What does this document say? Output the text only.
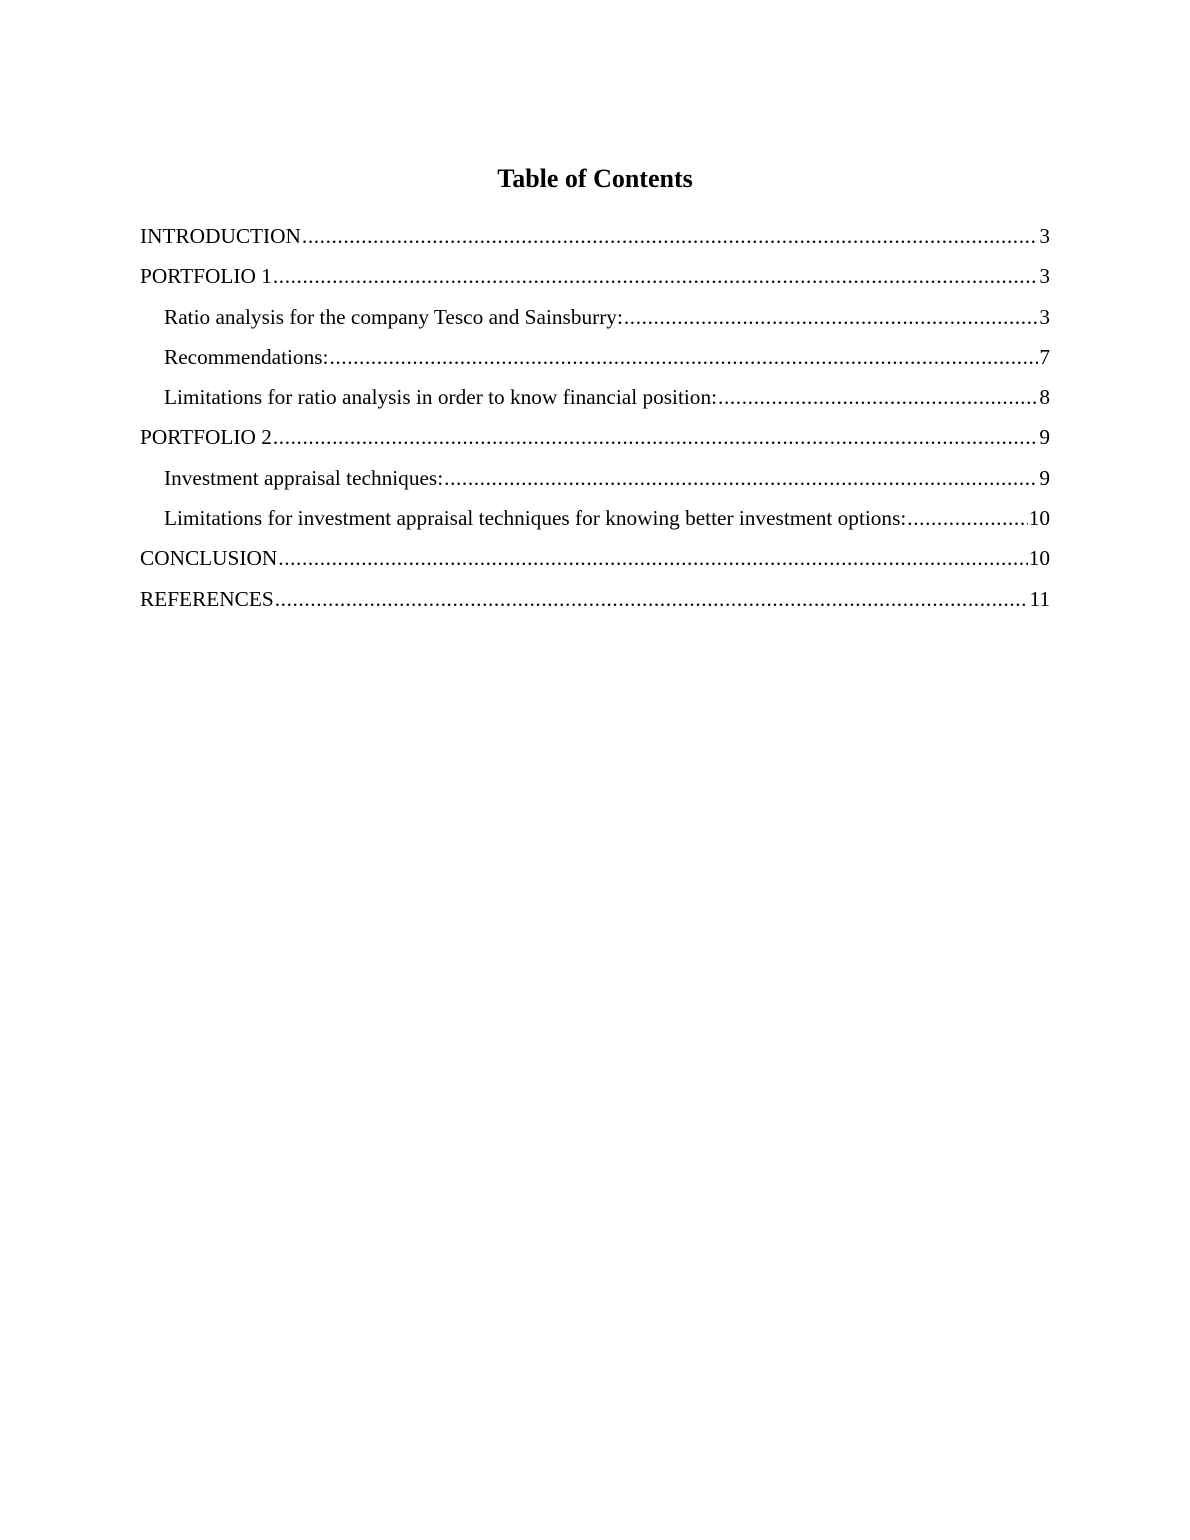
Table of Contents
INTRODUCTION .....	3
PORTFOLIO 1 .....	3
Ratio analysis for the company Tesco and Sainsburry: .....	3
Recommendations: .....	7
Limitations for ratio analysis in order to know financial position: .....	8
PORTFOLIO 2 .....	9
Investment appraisal techniques: .....	9
Limitations for investment appraisal techniques for knowing better investment options: .....	10
CONCLUSION .....	10
REFERENCES .....	11
